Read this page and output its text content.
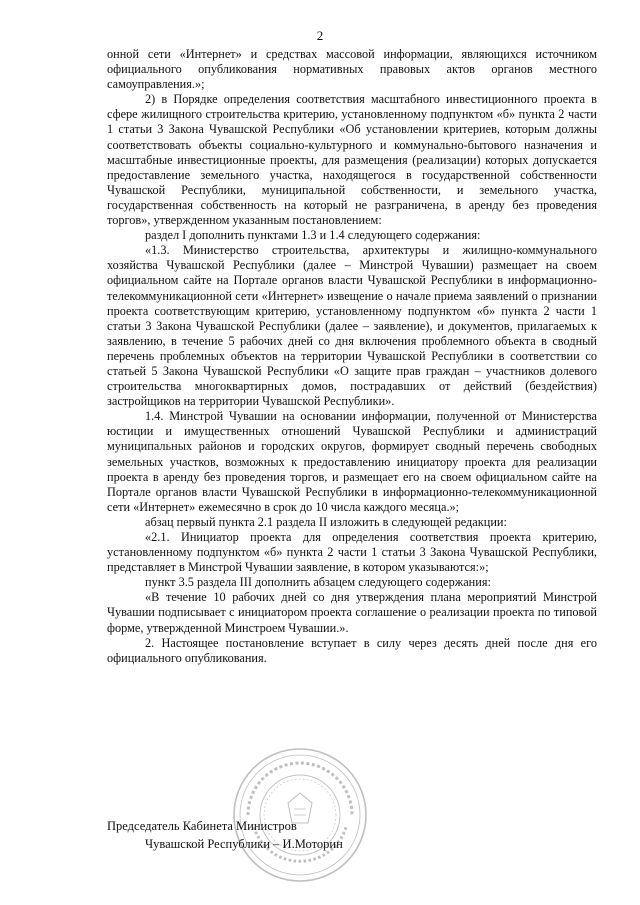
2

онной сети «Интернет» и средствах массовой информации, являющихся источником официального опубликования нормативных правовых актов органов местного самоуправления.»;

2) в Порядке определения соответствия масштабного инвестиционного проекта в сфере жилищного строительства критерию, установленному подпунктом «б» пункта 2 части 1 статьи 3 Закона Чувашской Республики «Об установлении критериев, которым должны соответствовать объекты социально-культурного и коммунально-бытового назначения и масштабные инвестиционные проекты, для размещения (реализации) которых допускается предоставление земельного участка, находящегося в государственной собственности Чувашской Республики, муниципальной собственности, и земельного участка, государственная собственность на который не разграничена, в аренду без проведения торгов», утвержденном указанным постановлением:

раздел I дополнить пунктами 1.3 и 1.4 следующего содержания:

«1.3. Министерство строительства, архитектуры и жилищно-коммунального хозяйства Чувашской Республики (далее – Минстрой Чувашии) размещает на своем официальном сайте на Портале органов власти Чувашской Республики в информационно-телекоммуникационной сети «Интернет» извещение о начале приема заявлений о признании проекта соответствующим критерию, установленному подпунктом «б» пункта 2 части 1 статьи 3 Закона Чувашской Республики (далее – заявление), и документов, прилагаемых к заявлению, в течение 5 рабочих дней со дня включения проблемного объекта в сводный перечень проблемных объектов на территории Чувашской Республики в соответствии со статьей 5 Закона Чувашской Республики «О защите прав граждан – участников долевого строительства многоквартирных домов, пострадавших от действий (бездействия) застройщиков на территории Чувашской Республики».

1.4. Минстрой Чувашии на основании информации, полученной от Министерства юстиции и имущественных отношений Чувашской Республики и администраций муниципальных районов и городских округов, формирует сводный перечень свободных земельных участков, возможных к предоставлению инициатору проекта для реализации проекта в аренду без проведения торгов, и размещает его на своем официальном сайте на Портале органов власти Чувашской Республики в информационно-телекоммуникационной сети «Интернет» ежемесячно в срок до 10 числа каждого месяца.»;

абзац первый пункта 2.1 раздела II изложить в следующей редакции:

«2.1. Инициатор проекта для определения соответствия проекта критерию, установленному подпунктом «б» пункта 2 части 1 статьи 3 Закона Чувашской Республики, представляет в Минстрой Чувашии заявление, в котором указываются:»;

пункт 3.5 раздела III дополнить абзацем следующего содержания:

«В течение 10 рабочих дней со дня утверждения плана мероприятий Минстрой Чувашии подписывает с инициатором проекта соглашение о реализации проекта по типовой форме, утвержденной Минстроем Чувашии.».

2. Настоящее постановление вступает в силу через десять дней после дня его официального опубликования.

Председатель Кабинета Министров
Чувашской Республики – И.Моторин
